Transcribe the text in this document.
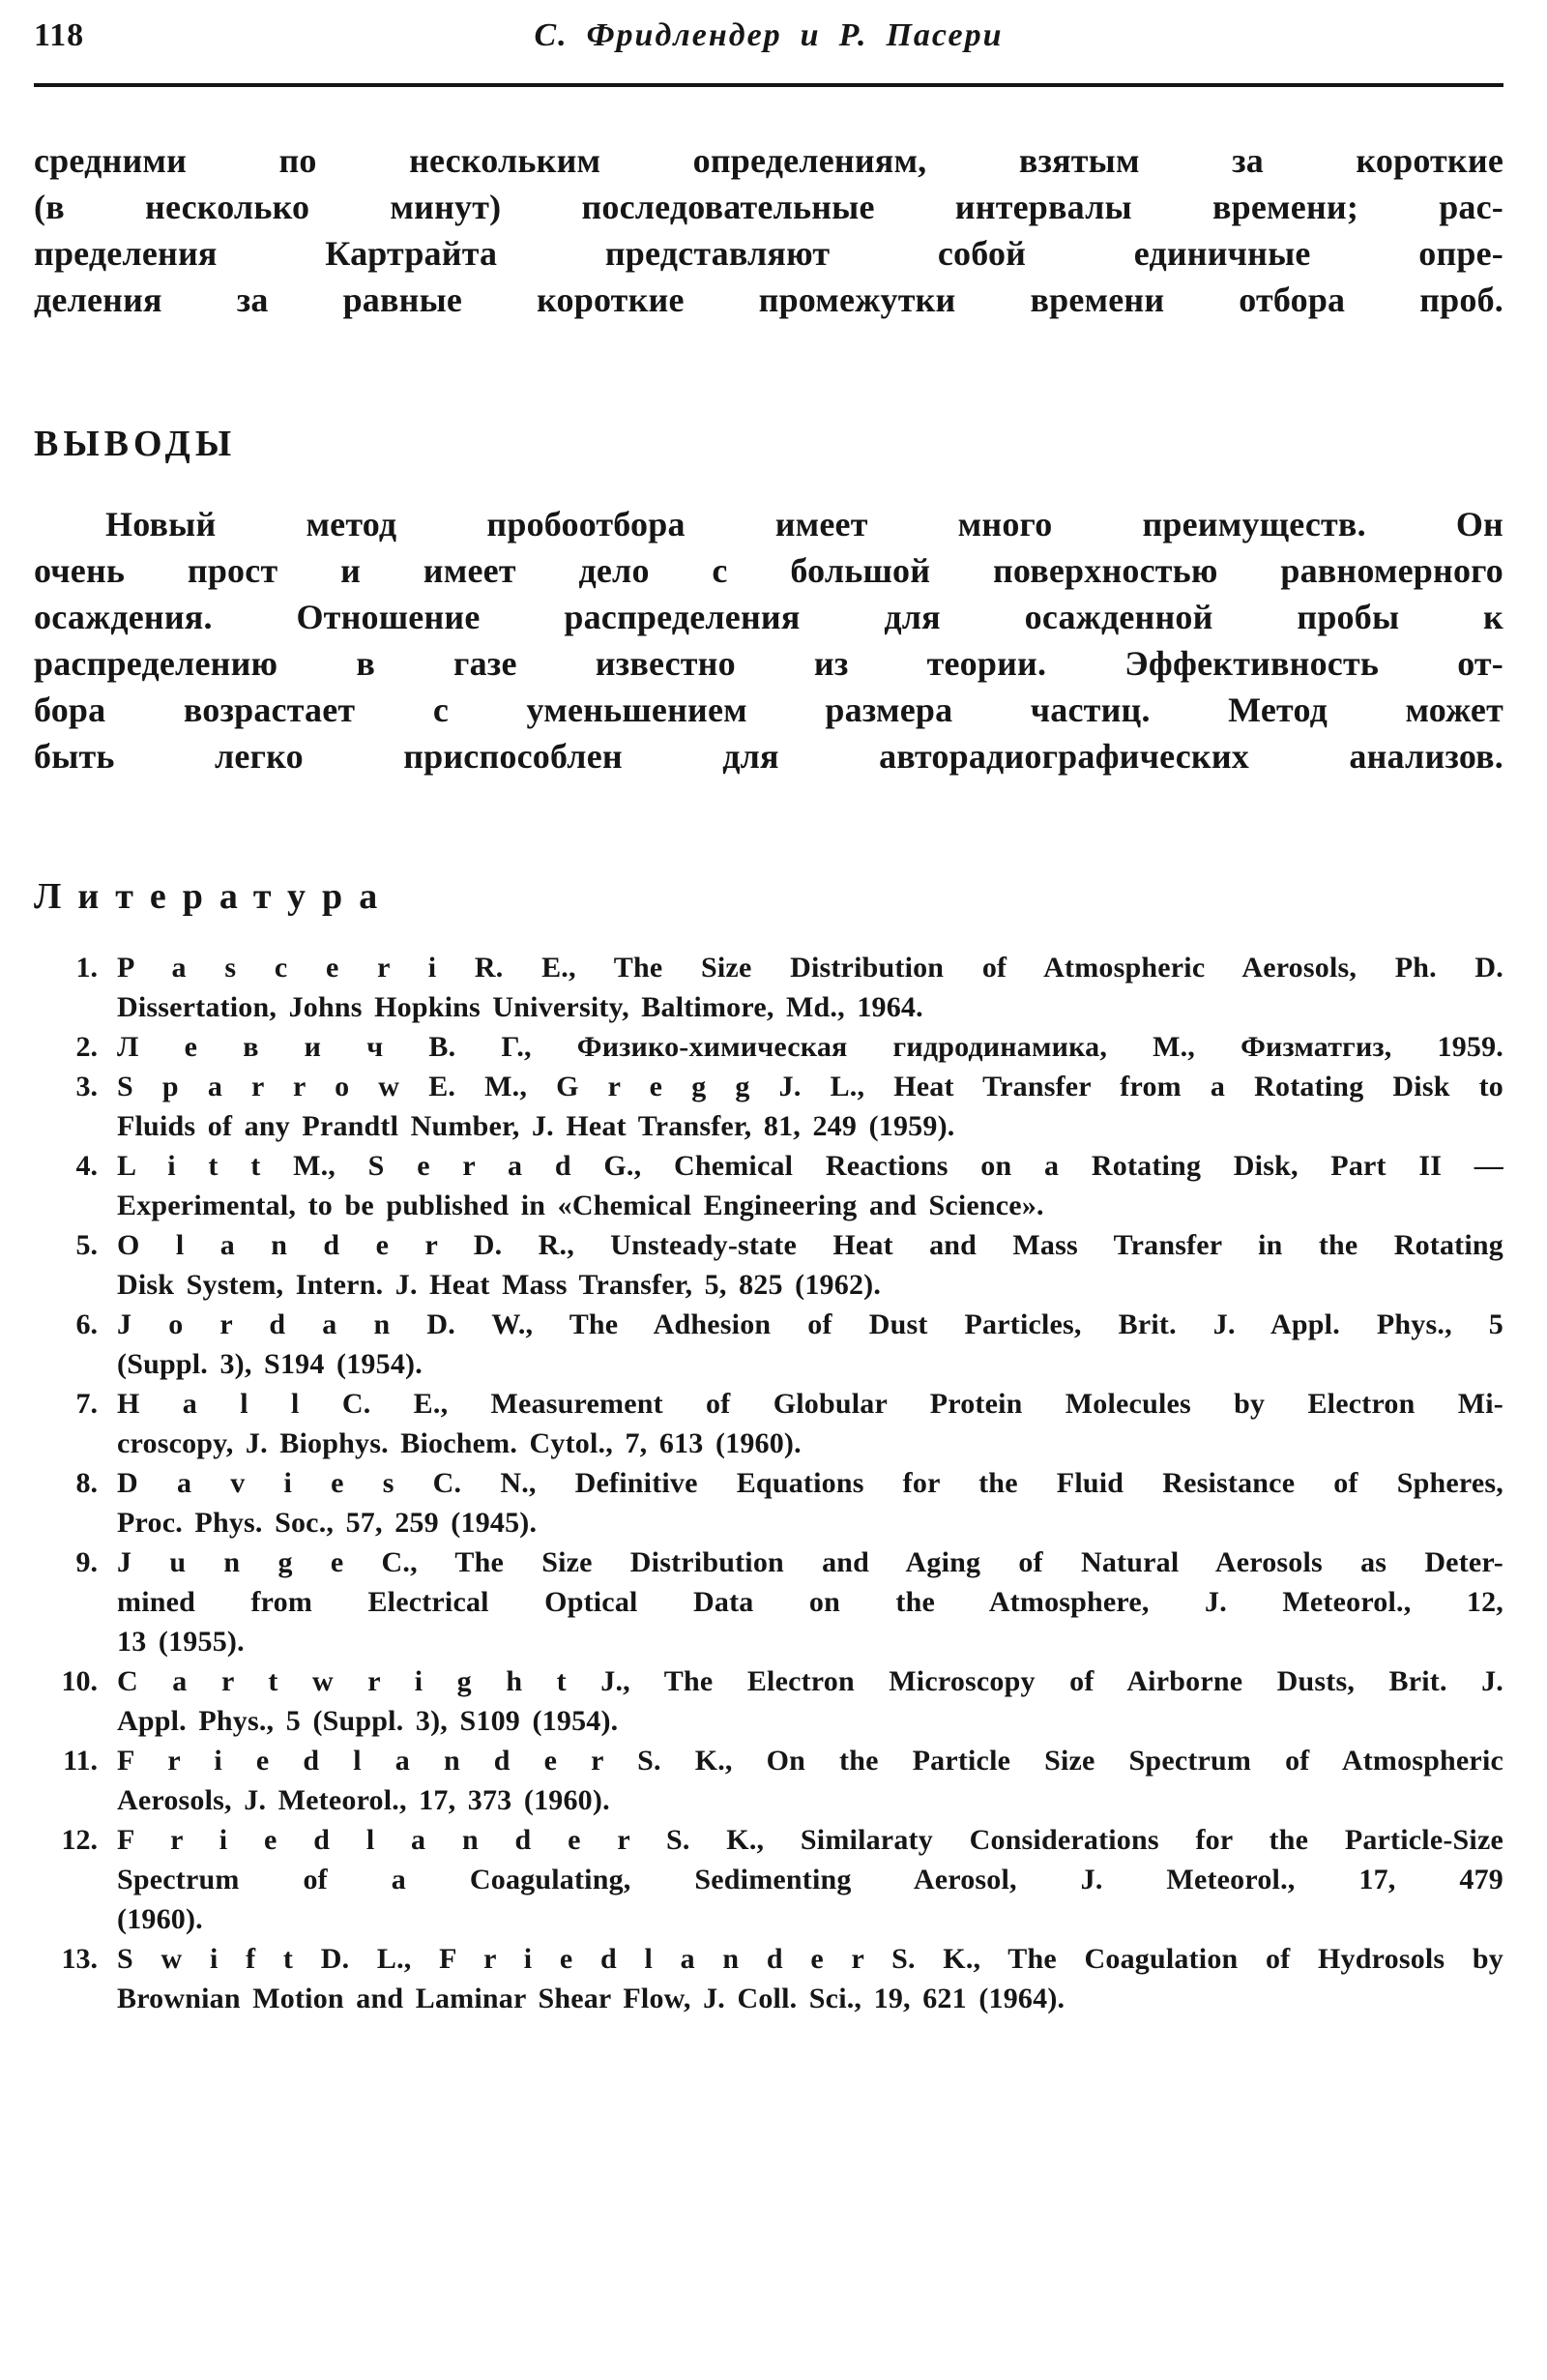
118	С. Фридлендер и Р. Пасери
средними по нескольким определениям, взятым за короткие
(в несколько минут) последовательные интервалы времени; рас-
пределения Картрайта представляют собой единичные опре-
деления за равные короткие промежутки времени отбора проб.
ВЫВОДЫ
Новый метод пробоотбора имеет много преимуществ. Он
очень прост и имеет дело с большой поверхностью равномерного
осаждения. Отношение распределения для осажденной пробы к
распределению в газе известно из теории. Эффективность от-
бора возрастает с уменьшением размера частиц. Метод может
быть легко приспособлен для авторадиографических анализов.
Литература
1. P a s c e r i R. E., The Size Distribution of Atmospheric Aerosols, Ph. D.
Dissertation, Johns Hopkins University, Baltimore, Md., 1964.
2. Л е в и ч В. Г., Физико-химическая гидродинамика, М., Физматгиз, 1959.
3. S p a r r o w E. M., G r e g g J. L., Heat Transfer from a Rotating Disk to
Fluids of any Prandtl Number, J. Heat Transfer, 81, 249 (1959).
4. L i t t M., S e r a d G., Chemical Reactions on a Rotating Disk, Part II —
Experimental, to be published in «Chemical Engineering and Science».
5. O l a n d e r D. R., Unsteady-state Heat and Mass Transfer in the Rotating
Disk System, Intern. J. Heat Mass Transfer, 5, 825 (1962).
6. J o r d a n D. W., The Adhesion of Dust Particles, Brit. J. Appl. Phys., 5
(Suppl. 3), S194 (1954).
7. H a l l C. E., Measurement of Globular Protein Molecules by Electron Mi-
croscopy, J. Biophys. Biochem. Cytol., 7, 613 (1960).
8. D a v i e s C. N., Definitive Equations for the Fluid Resistance of Spheres,
Proc. Phys. Soc., 57, 259 (1945).
9. J u n g e C., The Size Distribution and Aging of Natural Aerosols as Deter-
mined from Electrical Optical Data on the Atmosphere, J. Meteorol., 12,
13 (1955).
10. C a r t w r i g h t J., The Electron Microscopy of Airborne Dusts, Brit. J.
Appl. Phys., 5 (Suppl. 3), S109 (1954).
11. F r i e d l a n d e r S. K., On the Particle Size Spectrum of Atmospheric
Aerosols, J. Meteorol., 17, 373 (1960).
12. F r i e d l a n d e r S. K., Similaraty Considerations for the Particle-Size
Spectrum of a Coagulating, Sedimenting Aerosol, J. Meteorol., 17, 479
(1960).
13. S w i f t D. L., F r i e d l a n d e r S. K., The Coagulation of Hydrosols by
Brownian Motion and Laminar Shear Flow, J. Coll. Sci., 19, 621 (1964).
